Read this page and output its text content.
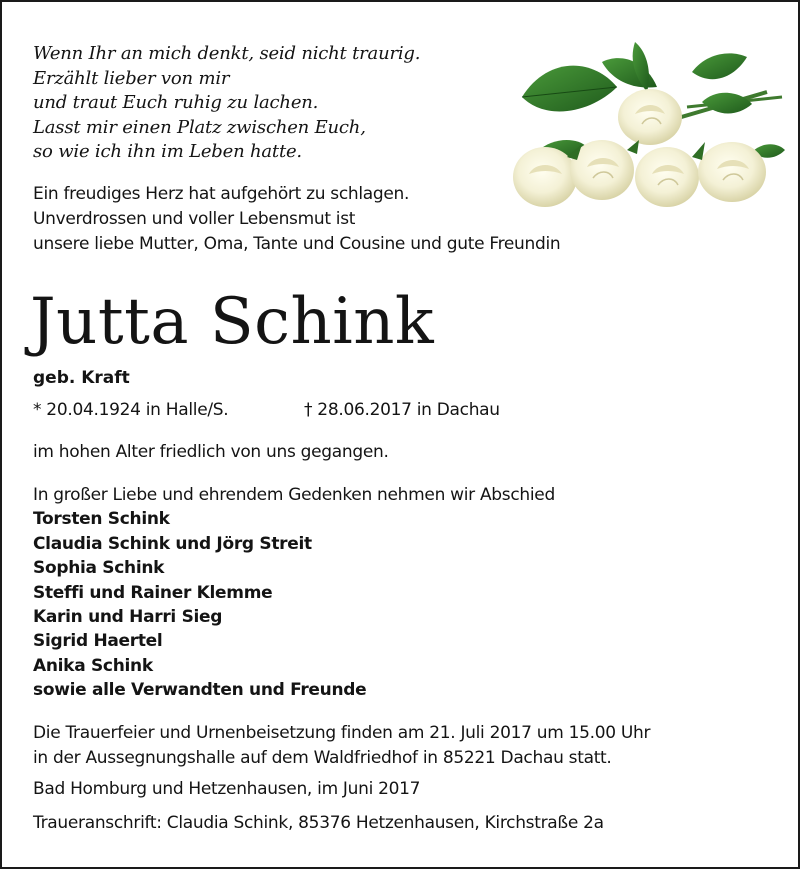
Wenn Ihr an mich denkt, seid nicht traurig.
Erzählt lieber von mir
und traut Euch ruhig zu lachen.
Lasst mir einen Platz zwischen Euch,
so wie ich ihn im Leben hatte.
Ein freudiges Herz hat aufgehört zu schlagen.
Unverdrossen und voller Lebensmut ist
unsere liebe Mutter, Oma, Tante und Cousine und gute Freundin
Jutta Schink
geb. Kraft
* 20.04.1924 in Halle/S.	† 28.06.2017 in Dachau
im hohen Alter friedlich von uns gegangen.
In großer Liebe und ehrendem Gedenken nehmen wir Abschied
Torsten Schink
Claudia Schink und Jörg Streit
Sophia Schink
Steffi und Rainer Klemme
Karin und Harri Sieg
Sigrid Haertel
Anika Schink
sowie alle Verwandten und Freunde
Die Trauerfeier und Urnenbeisetzung finden am 21. Juli 2017 um 15.00 Uhr
in der Aussegnungshalle auf dem Waldfriedhof in 85221 Dachau statt.
Bad Homburg und Hetzenhausen, im Juni 2017
Traueranschrift: Claudia Schink, 85376 Hetzenhausen, Kirchstraße 2a
